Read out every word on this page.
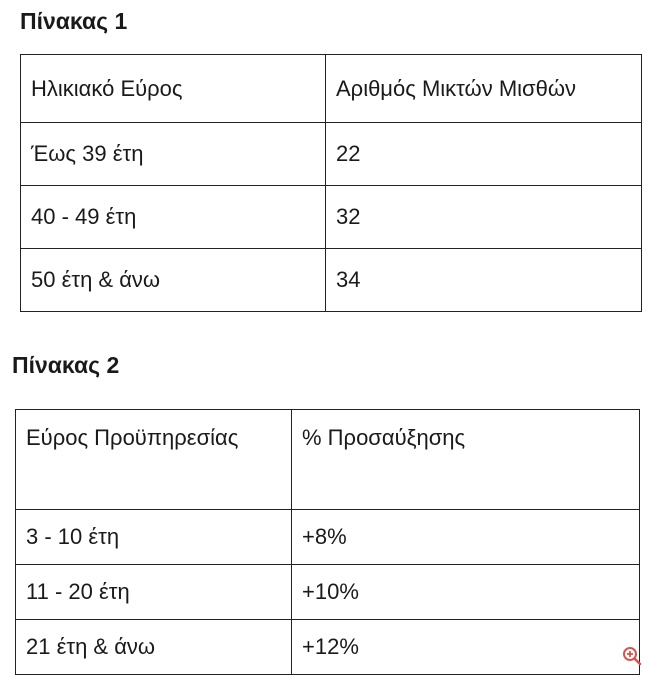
Πίνακας 1
Ηλικιακό Εύρος	Αριθμός Μικτών Μισθών
Έως 39 έτη	22
40 - 49 έτη	32
50 έτη & άνω	34
Πίνακας 2
Εύρος Προϋπηρεσίας	% Προσαύξησης
3 - 10 έτη	+8%
11 - 20 έτη	+10%
21 έτη & άνω	+12%
